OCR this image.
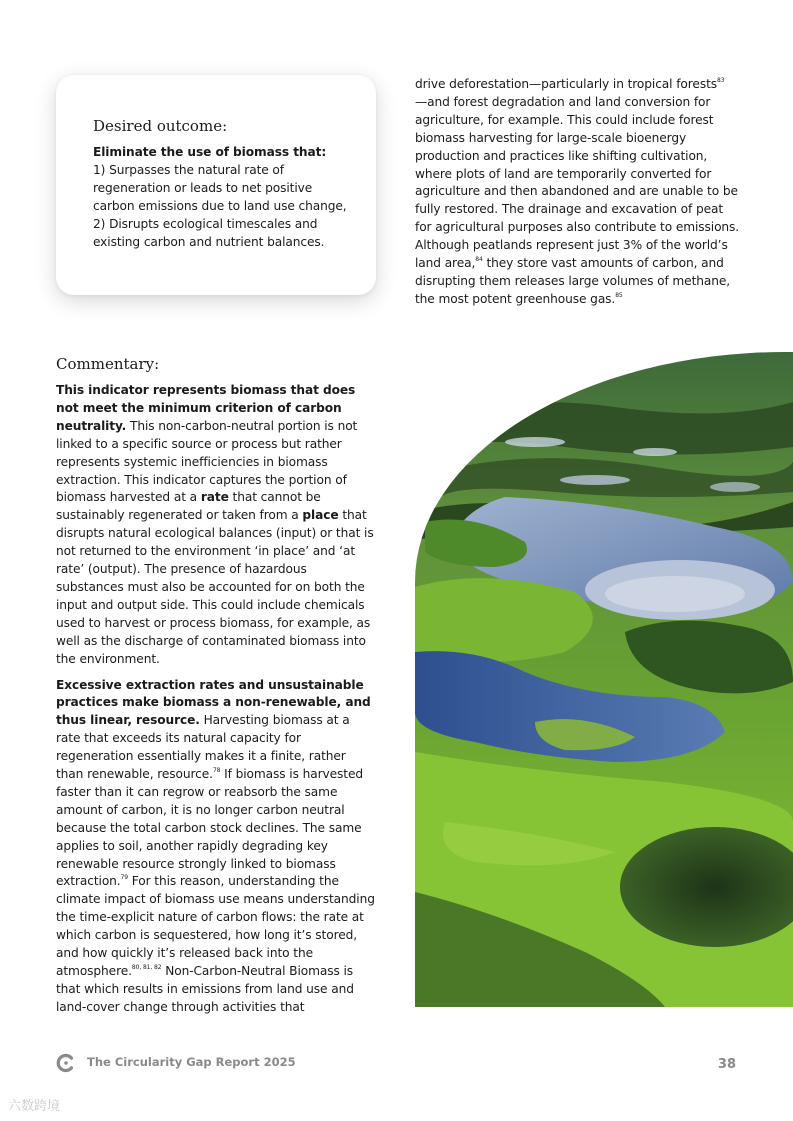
Desired outcome:

Eliminate the use of biomass that:

1) Surpasses the natural rate of regeneration or leads to net positive carbon emissions due to land use change,

2) Disrupts ecological timescales and existing carbon and nutrient balances.

drive deforestation—particularly in tropical forests$^{83}$
—and forest degradation and land conversion for agriculture, for example. This could include forest biomass harvesting for large-scale bioenergy production and practices like shifting cultivation, where plots of land are temporarily converted for agriculture and then abandoned and are unable to be fully restored. The drainage and excavation of peat for agricultural purposes also contribute to emissions. Although peatlands represent just 3% of the world’s land area,$^{84}$ they store vast amounts of carbon, and disrupting them releases large volumes of methane, the most potent greenhouse gas.$^{85}$

Commentary:

This indicator represents biomass that does not meet the minimum criterion of carbon neutrality. This non-carbon-neutral portion is not linked to a specific source or process but rather represents systemic inefficiencies in biomass extraction. This indicator captures the portion of biomass harvested at a rate that cannot be sustainably regenerated or taken from a place that disrupts natural ecological balances (input) or that is not returned to the environment ‘in place’ and ‘at rate’ (output). The presence of hazardous substances must also be accounted for on both the input and output side. This could include chemicals used to harvest or process biomass, for example, as well as the discharge of contaminated biomass into the environment.

Excessive extraction rates and unsustainable practices make biomass a non-renewable, and thus linear, resource. Harvesting biomass at a rate that exceeds its natural capacity for regeneration essentially makes it a finite, rather than renewable, resource.$^{78}$ If biomass is harvested faster than it can regrow or reabsorb the same amount of carbon, it is no longer carbon neutral because the total carbon stock declines. The same applies to soil, another rapidly degrading key renewable resource strongly linked to biomass extraction.$^{79}$ For this reason, understanding the climate impact of biomass use means understanding the time-explicit nature of carbon flows: the rate at which carbon is sequestered, how long it’s stored, and how quickly it’s released back into the atmosphere.$^{80, 81, 82}$ Non-Carbon-Neutral Biomass is that which results in emissions from land use and land-cover change through activities that

The Circularity Gap Report 2025	38
六数跨境
